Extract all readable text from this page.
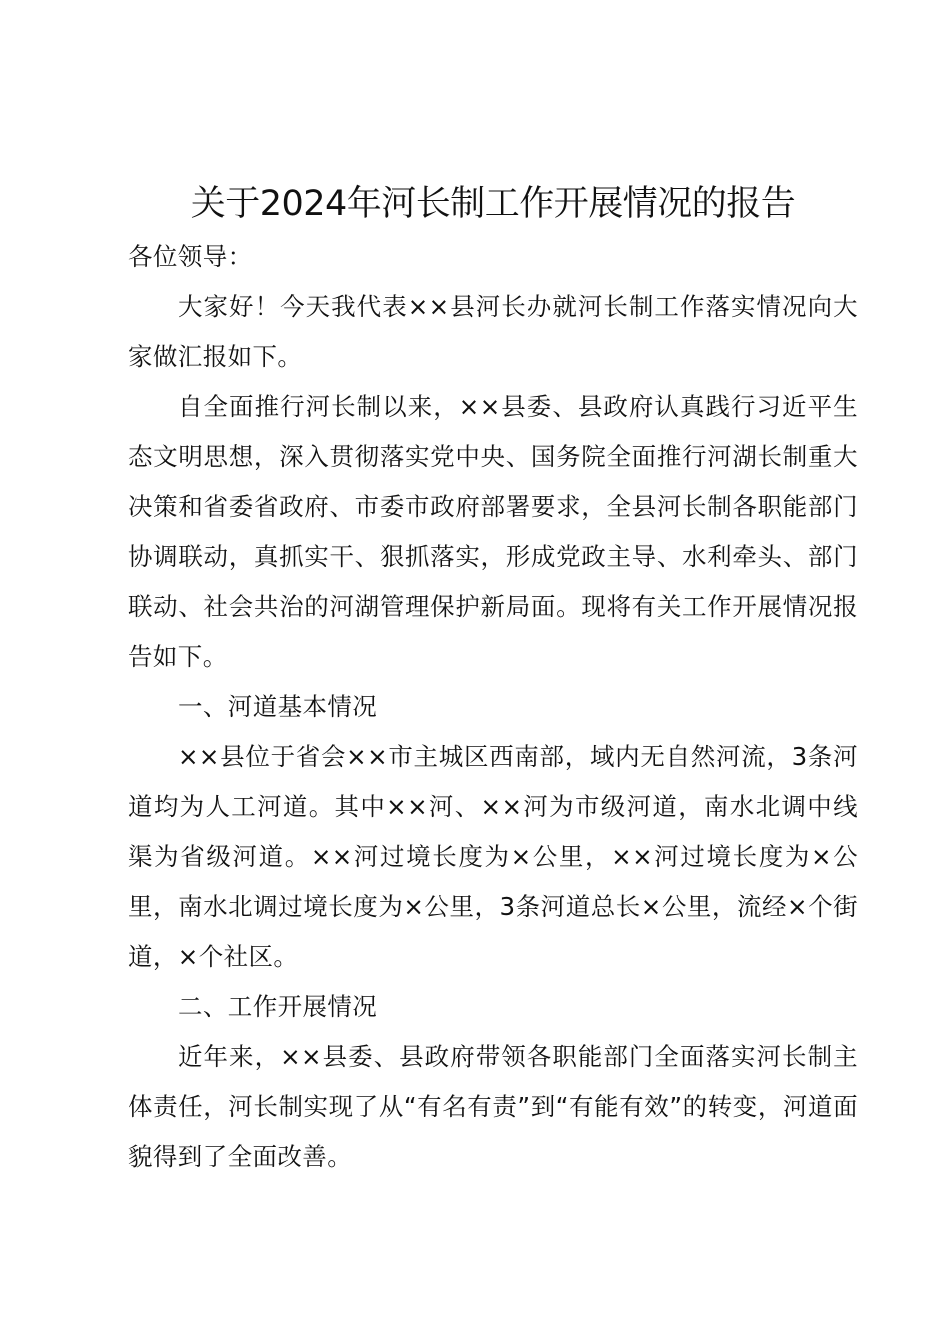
关于2024年河长制工作开展情况的报告

各位领导：

大家好！今天我代表××县河长办就河长制工作落实情况向大家做汇报如下。

自全面推行河长制以来，××县委、县政府认真践行习近平生态文明思想，深入贯彻落实党中央、国务院全面推行河湖长制重大决策和省委省政府、市委市政府部署要求，全县河长制各职能部门协调联动，真抓实干、狠抓落实，形成党政主导、水利牵头、部门联动、社会共治的河湖管理保护新局面。现将有关工作开展情况报告如下。

一、河道基本情况

××县位于省会××市主城区西南部，域内无自然河流，3条河道均为人工河道。其中××河、××河为市级河道，南水北调中线渠为省级河道。××河过境长度为×公里，××河过境长度为×公里，南水北调过境长度为×公里，3条河道总长×公里，流经×个街道，×个社区。

二、工作开展情况

近年来，××县委、县政府带领各职能部门全面落实河长制主体责任，河长制实现了从“有名有责”到“有能有效”的转变，河道面貌得到了全面改善。
